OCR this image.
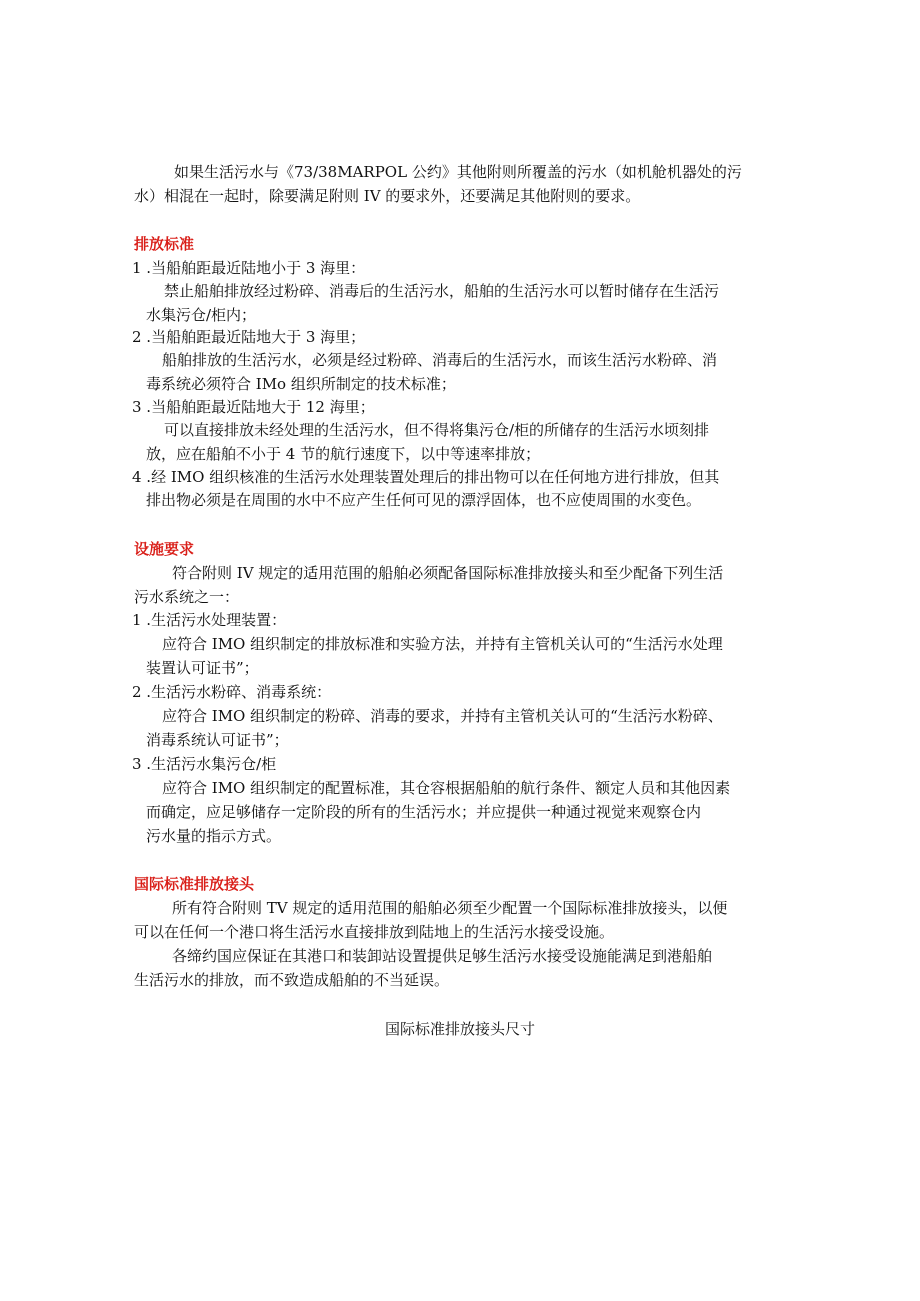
如果生活污水与《73/38MARPOL 公约》其他附则所覆盖的污水（如机舱机器处的污
水）相混在一起时，除要满足附则 IV 的要求外，还要满足其他附则的要求。
排放标准
1 .当船舶距最近陆地小于 3 海里：
禁止船舶排放经过粉碎、消毒后的生活污水，船舶的生活污水可以暂时储存在生活污
水集污仓/柜内；
2 .当船舶距最近陆地大于 3 海里；
船舶排放的生活污水，必须是经过粉碎、消毒后的生活污水，而该生活污水粉碎、消
毒系统必须符合 IMo 组织所制定的技术标准；
3 .当船舶距最近陆地大于 12 海里；
可以直接排放未经处理的生活污水，但不得将集污仓/柜的所储存的生活污水顷刻排
放，应在船舶不小于 4 节的航行速度下，以中等速率排放；
4 .经 IMO 组织核准的生活污水处理装置处理后的排出物可以在任何地方进行排放，但其
排出物必须是在周围的水中不应产生任何可见的漂浮固体，也不应使周围的水变色。
设施要求
符合附则 IV 规定的适用范围的船舶必须配备国际标准排放接头和至少配备下列生活
污水系统之一：
1 .生活污水处理装置：
应符合 IMO 组织制定的排放标准和实验方法，并持有主管机关认可的“生活污水处理
装置认可证书”；
2 .生活污水粉碎、消毒系统：
应符合 IMO 组织制定的粉碎、消毒的要求，并持有主管机关认可的“生活污水粉碎、
消毒系统认可证书”；
3 .生活污水集污仓/柜
应符合 IMO 组织制定的配置标准，其仓容根据船舶的航行条件、额定人员和其他因素
而确定，应足够储存一定阶段的所有的生活污水；并应提供一种通过视觉来观察仓内
污水量的指示方式。
国际标准排放接头
所有符合附则 TV 规定的适用范围的船舶必须至少配置一个国际标准排放接头，以便
可以在任何一个港口将生活污水直接排放到陆地上的生活污水接受设施。
各缔约国应保证在其港口和装卸站设置提供足够生活污水接受设施能满足到港船舶
生活污水的排放，而不致造成船舶的不当延误。
国际标准排放接头尺寸
